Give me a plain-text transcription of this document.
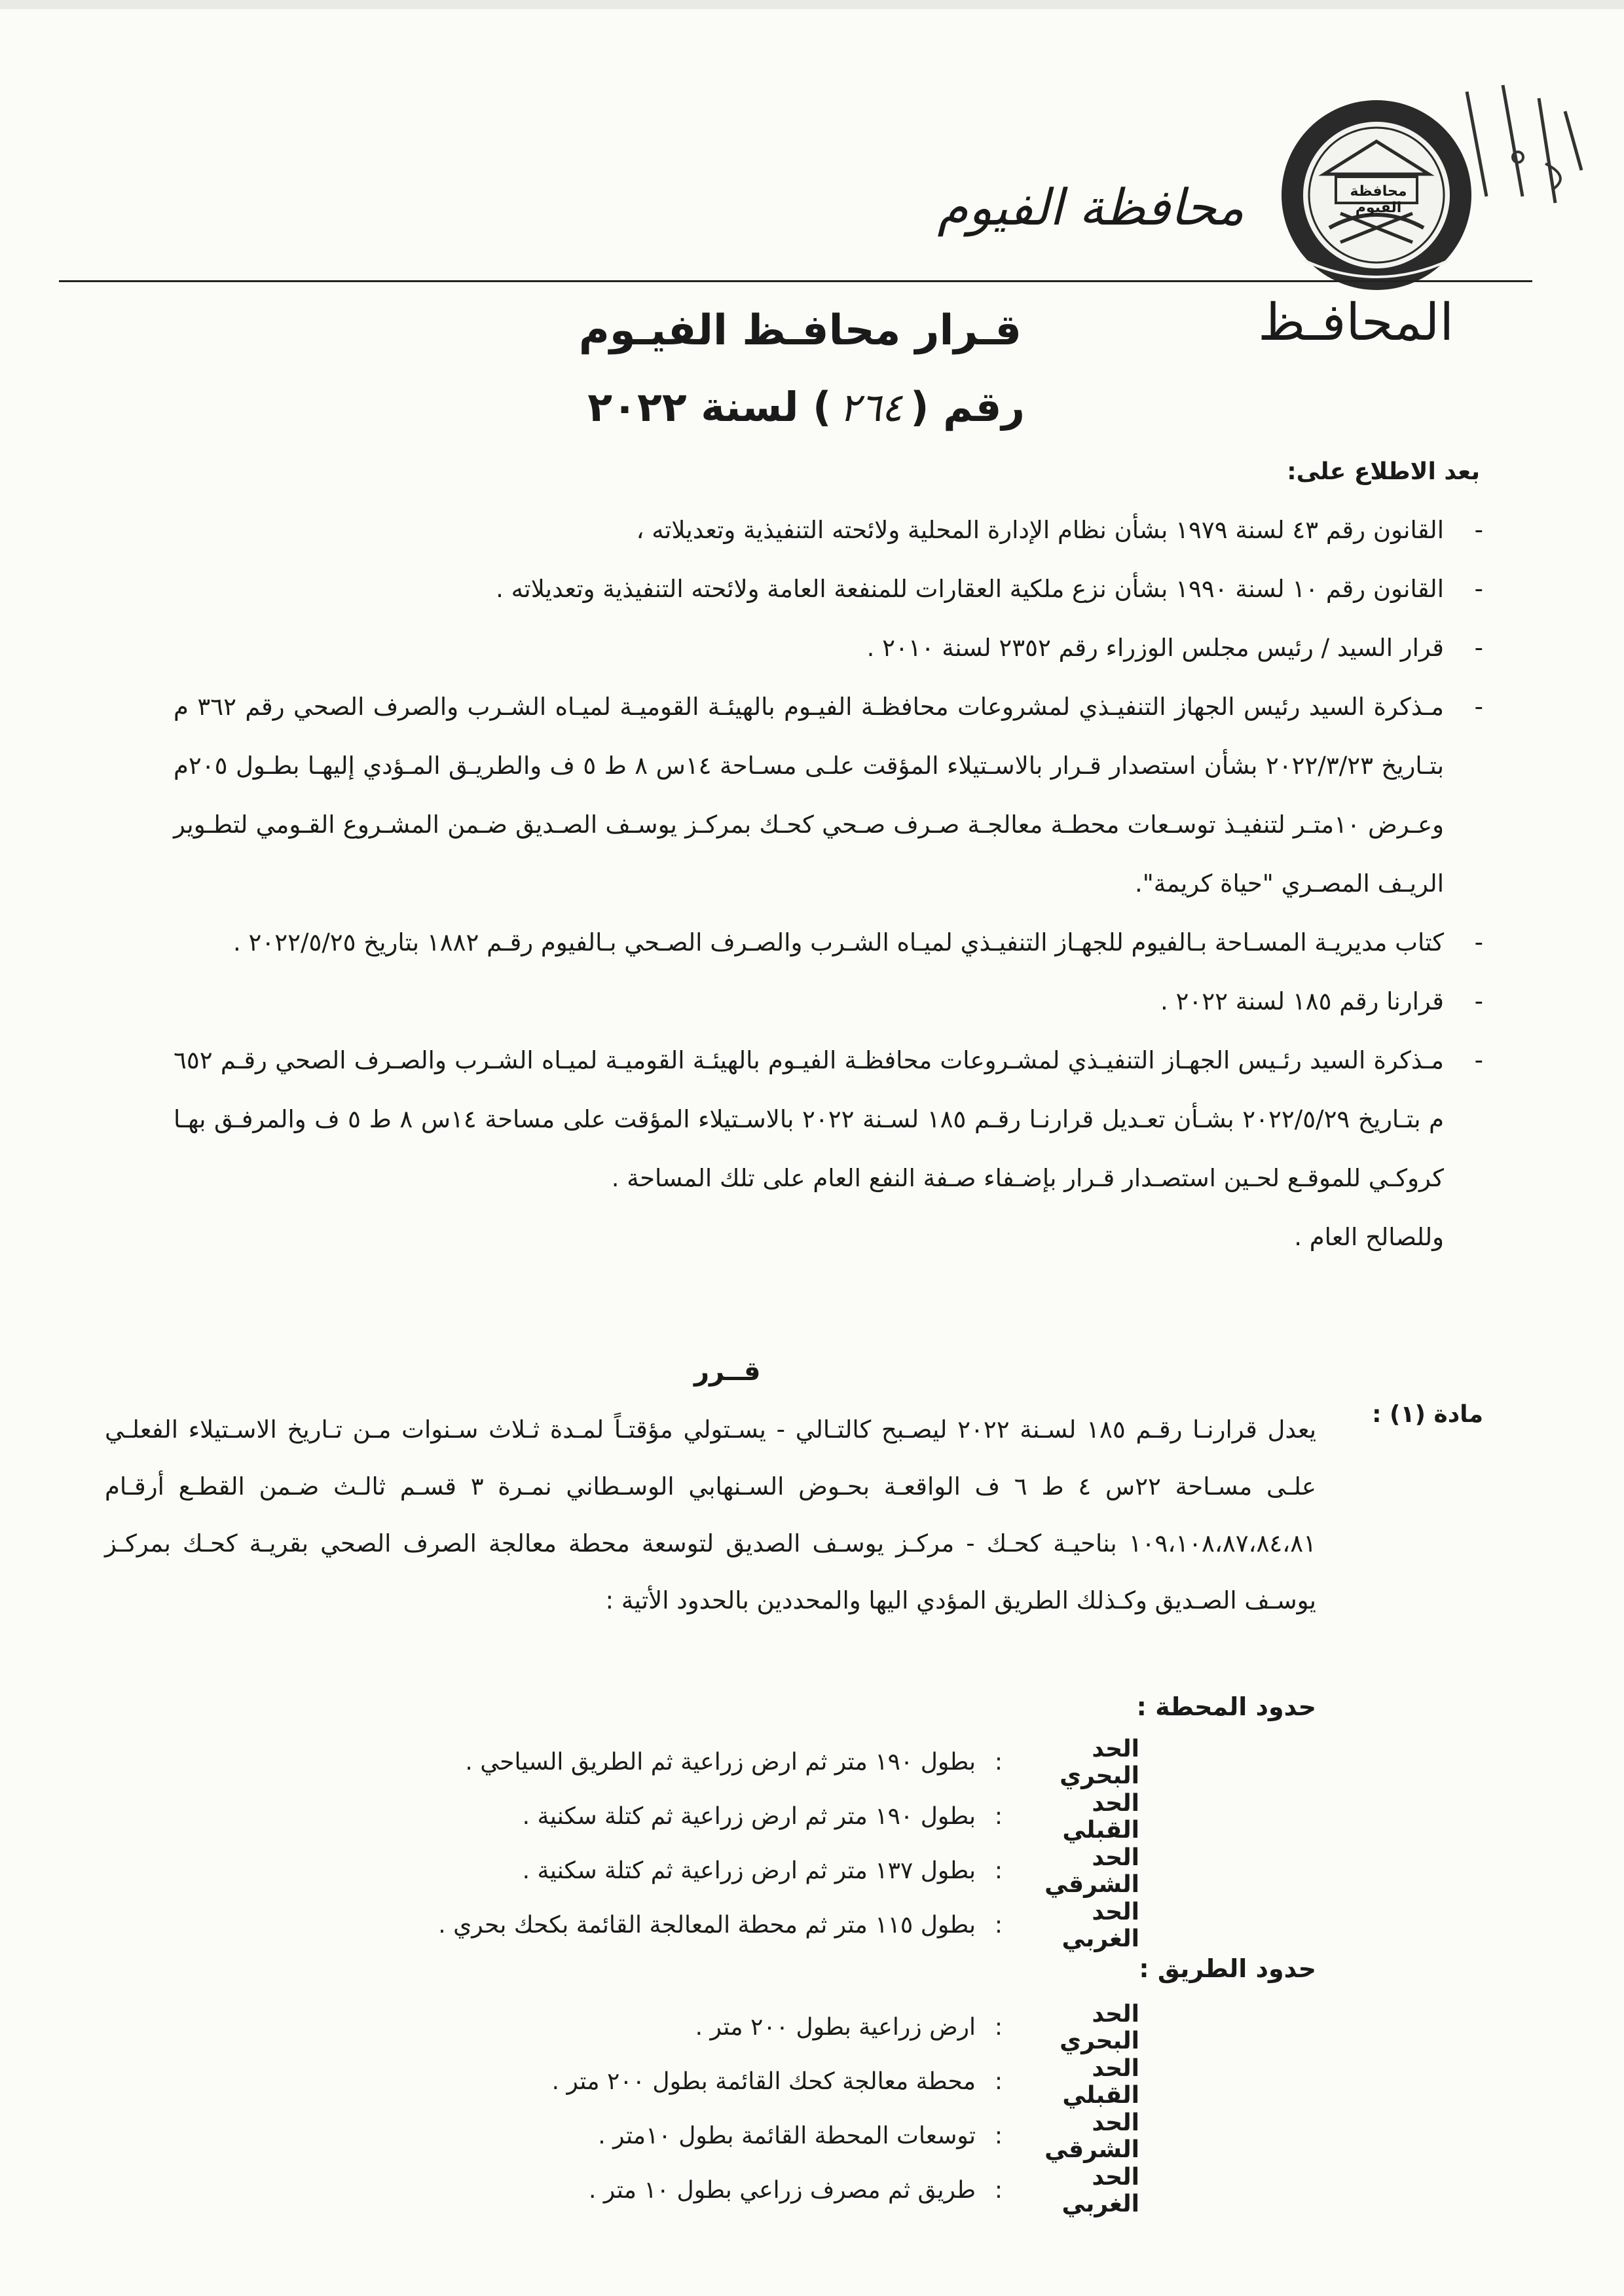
محافظة الفيوم
محافظة الفيوم
المحافـظ
قـرار محافـظ الفيـوم
رقم (٢٦٤) لسنة ٢٠٢٢
بعد الاطلاع على:
-
القانون رقم ٤٣ لسنة ١٩٧٩ بشأن نظام الإدارة المحلية ولائحته التنفيذية وتعديلاته ،
-
القانون رقم ١٠ لسنة ١٩٩٠ بشأن نزع ملكية العقارات للمنفعة العامة ولائحته التنفيذية وتعديلاته .
-
قرار السيد / رئيس مجلس الوزراء رقم ٢٣٥٢ لسنة ٢٠١٠ .
-
مـذكرة السيد رئيس الجهاز التنفيـذي لمشروعات محافظـة الفيـوم بالهيئـة القوميـة لميـاه الشـرب والصرف الصحي رقم ٣٦٢ م بتـاريخ ٢٠٢٢/٣/٢٣ بشأن استصدار قـرار بالاسـتيلاء المؤقت علـى مسـاحة ١٤س ٨ ط ٥ ف والطريـق المـؤدي إليهـا بطـول ٢٠٥م وعـرض ١٠متـر لتنفيـذ توسـعات محطـة معالجـة صـرف صـحي كحـك بمركـز يوسـف الصـديق ضـمن المشـروع القـومي لتطـوير الريـف المصـري "حياة كريمة".
-
كتاب مديريـة المسـاحة بـالفيوم للجهـاز التنفيـذي لميـاه الشـرب والصـرف الصـحي بـالفيوم رقـم ١٨٨٢ بتاريخ ٢٠٢٢/٥/٢٥ .
-
قرارنا رقم ١٨٥ لسنة ٢٠٢٢ .
-
مـذكرة السيد رئـيس الجهـاز التنفيـذي لمشـروعات محافظـة الفيـوم بالهيئـة القوميـة لميـاه الشـرب والصـرف الصحي رقـم ٦٥٢ م بتـاريخ ٢٠٢٢/٥/٢٩ بشـأن تعـديل قرارنـا رقـم ١٨٥ لسـنة ٢٠٢٢ بالاسـتيلاء المؤقت على مساحة ١٤س ٨ ط ٥ ف والمرفـق بهـا كروكـي للموقـع لحـين استصـدار قـرار بإضـفاء صـفة النفع العام على تلك المساحة .
وللصالح العام .
قــرر
مادة (١) :
يعدل قرارنـا رقـم ١٨٥ لسـنة ٢٠٢٢ ليصـبح كالتـالي - يسـتولي مؤقتـاً لمـدة ثـلاث سـنوات مـن تـاريخ الاسـتيلاء الفعلـي علـى مسـاحة ٢٢س ٤ ط ٦ ف الواقعـة بحـوض السـنهابي الوسـطاني نمـرة ٣ قسـم ثالـث ضـمن القطـع أرقـام ١٠٩،١٠٨،٨٧،٨٤،٨١ بناحيـة كحـك - مركـز يوسـف الصديق لتوسعة محطة معالجة الصرف الصحي بقريـة كحـك بمركـز يوسـف الصـديق وكـذلك الطريق المؤدي اليها والمحددين بالحدود الأتية :
حدود المحطة :
الحد البحري
:
بطول ١٩٠ متر ثم ارض زراعية ثم الطريق السياحي .
الحد القبلي
:
بطول ١٩٠ متر ثم ارض زراعية ثم كتلة سكنية .
الحد الشرقي
:
بطول ١٣٧ متر ثم ارض زراعية ثم كتلة سكنية .
الحد الغربي
:
بطول ١١٥ متر ثم محطة المعالجة القائمة بكحك بحري .
حدود الطريق :
الحد البحري
:
ارض زراعية بطول ٢٠٠ متر .
الحد القبلي
:
محطة معالجة كحك القائمة بطول ٢٠٠ متر .
الحد الشرقي
:
توسعات المحطة القائمة بطول ١٠متر .
الحد الغربي
:
طريق ثم مصرف زراعي بطول ١٠ متر .
